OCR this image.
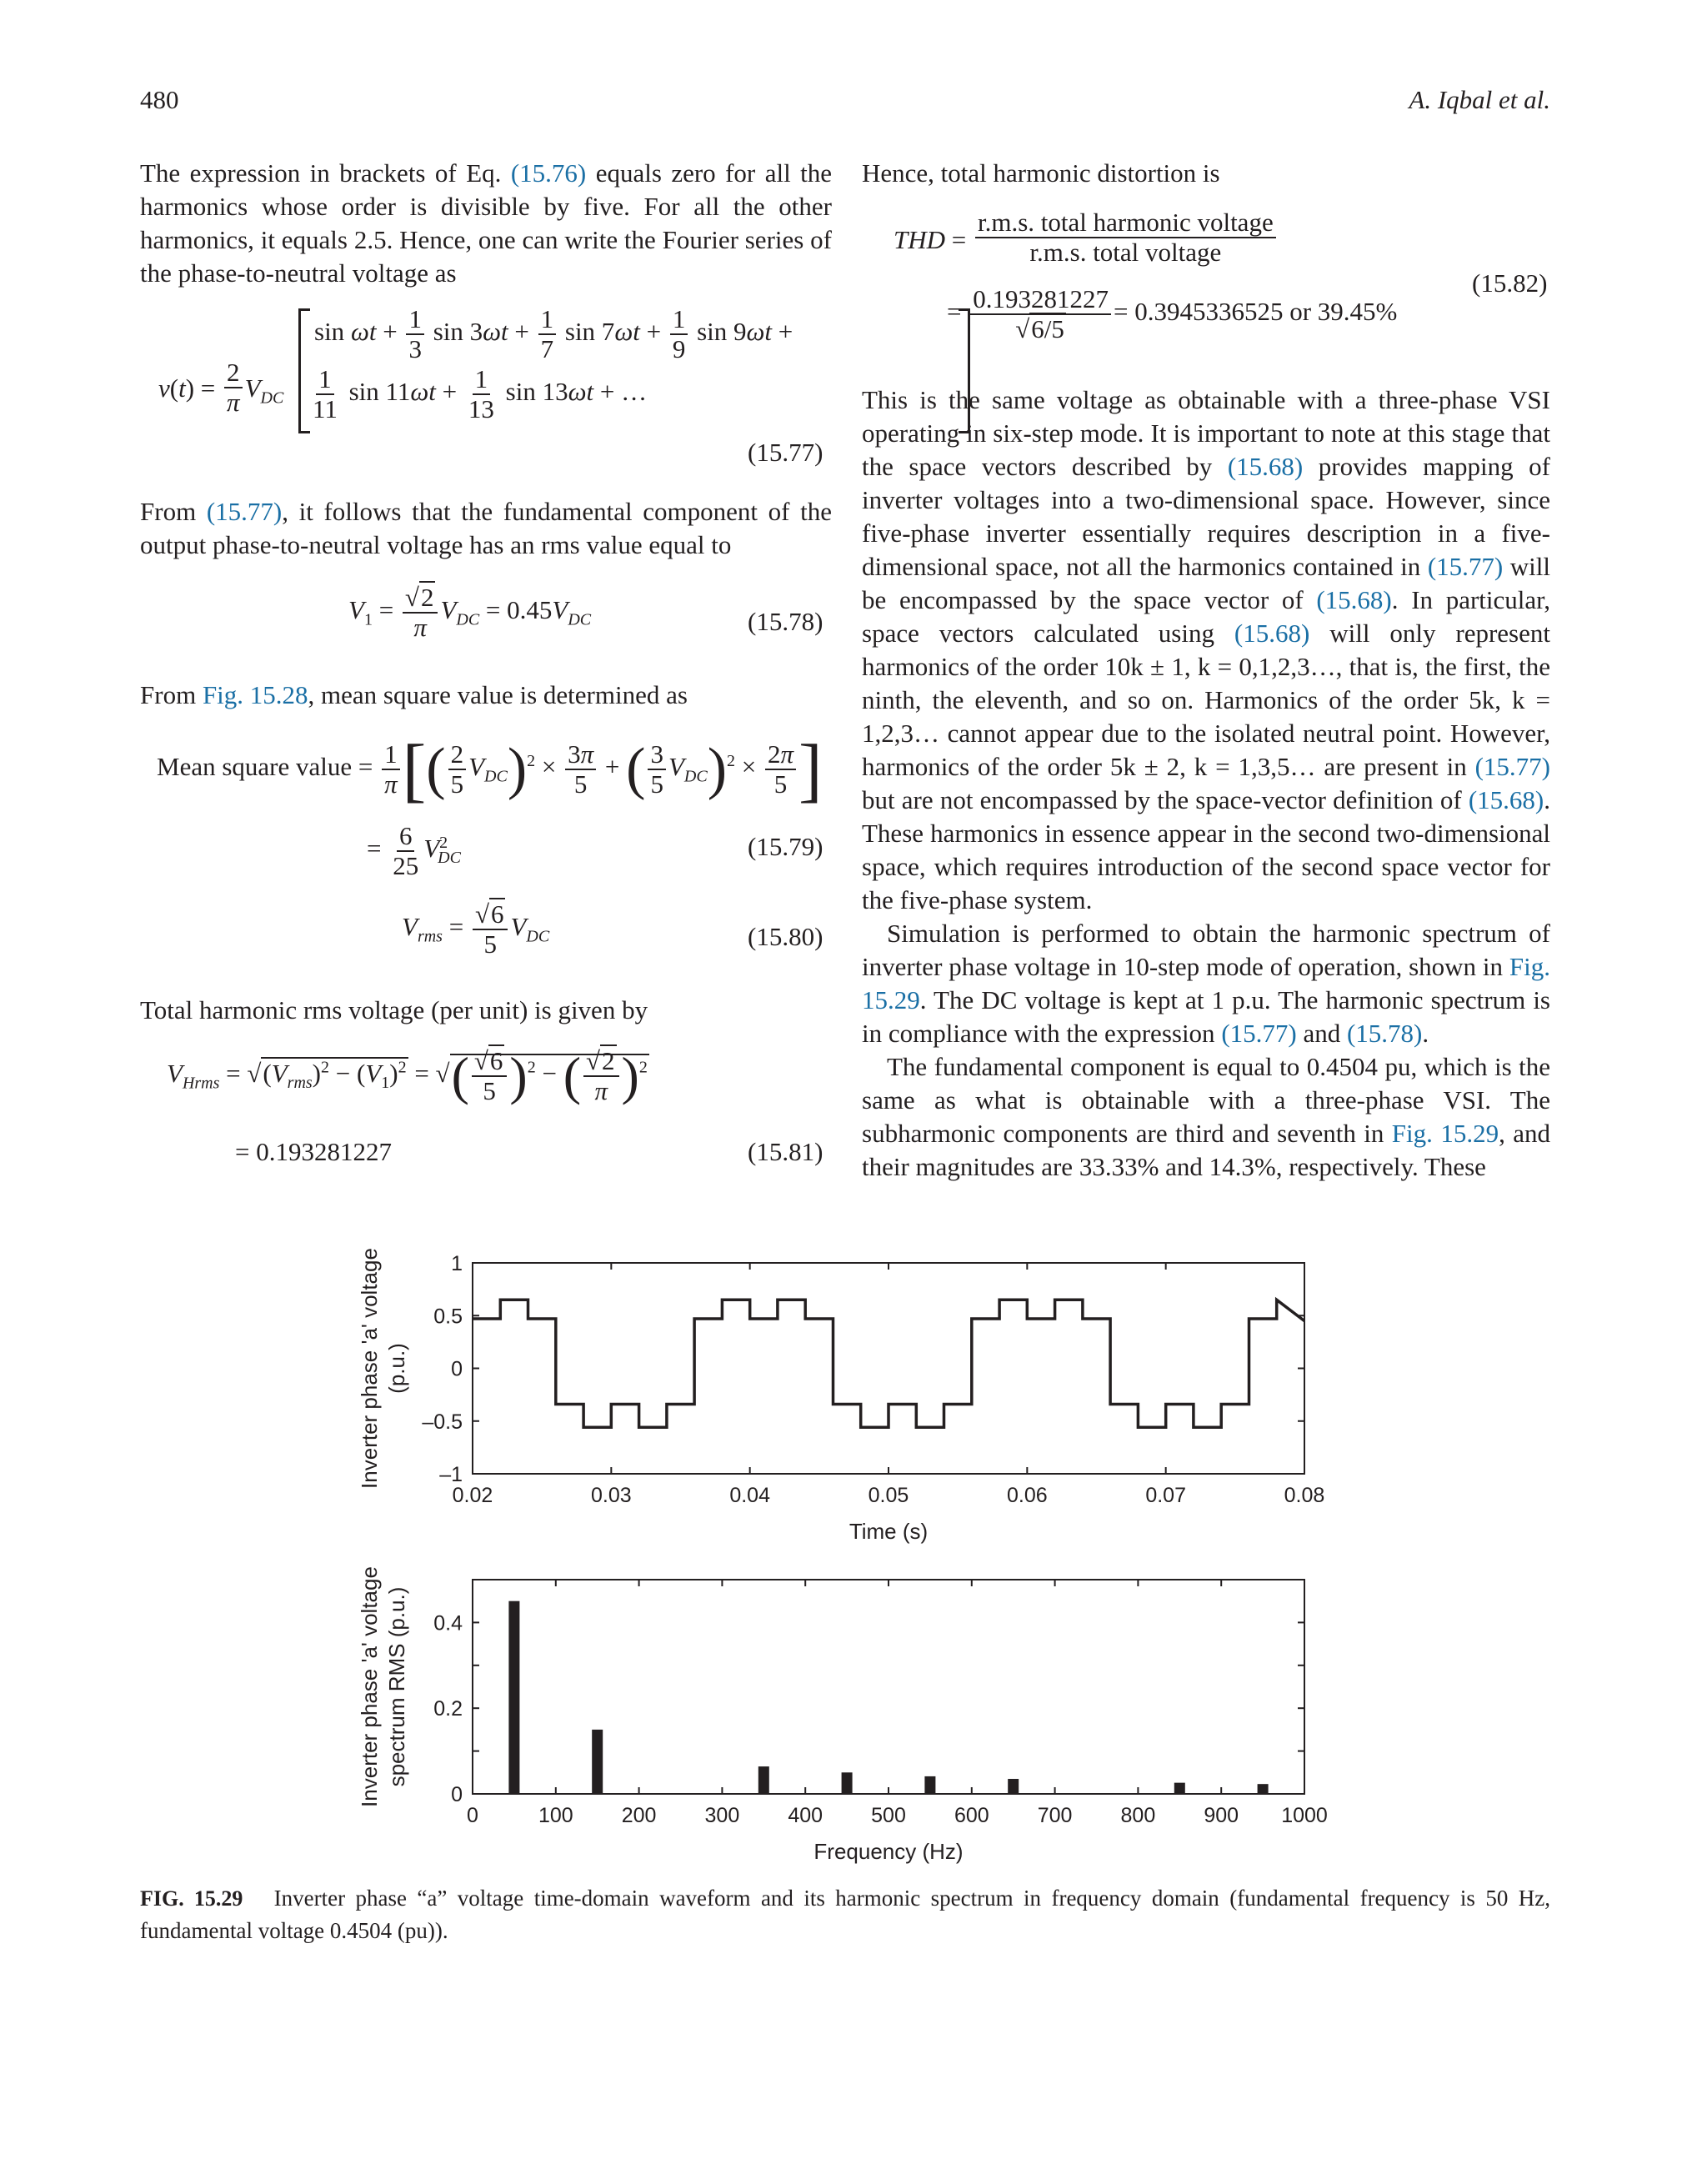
480	A. Iqbal et al.

The expression in brackets of Eq. (15.76) equals zero for all the harmonics whose order is divisible by five. For all the other harmonics, it equals 2.5. Hence, one can write the Fourier series of the phase-to-neutral voltage as

$v(t) = \frac{2}{\pi} V_{DC}$
$\sin \omega t + \frac{1}{3}$ $\sin 3\omega t + \frac{1}{7}$ $\sin 7\omega t + \frac{1}{9}$ sin 9ωt +
$\frac{1}{11}$ $\sin 11\omega t + \frac{1}{13}$ sin 13ωt + …
(15.77)

From (15.77), it follows that the fundamental component of the output phase-to-neutral voltage has an rms value equal to

$V_1 = \frac{√2}{\pi} V_{DC} = 0.45V_{DC}$	(15.78)

From Fig. 15.28, mean square value is determined as

Mean square value = $\frac{1}{\pi}$ [( $\frac{2}{5} V_{DC})^2 \times \frac{3\pi}{5}$ + ( $\frac{3}{5} V_{DC})^2 \times \frac{2\pi}{5}$ ]
= $\frac{6}{25} V^2_{DC}$	(15.79)
$V_{rms} = \frac{√6}{5} V_{DC}$	(15.80)

Total harmonic rms voltage (per unit) is given by

$V_{Hrms} = √(V_{rms})^2 - (V_1)^2$ = √( $\frac{√6}{5} )^2$ − ( $\frac{√2}{\pi} )^2$
= 0.193281227	(15.81)

Hence, total harmonic distortion is

THD = $\frac{\text{r.m.s. total harmonic voltage}}{\text{r.m.s. total voltage}}$
= $\frac{0.193281227}{√6/5} = 0.3945336525$ or 39.45%
(15.82)

This is the same voltage as obtainable with a three-phase VSI operating in six-step mode. It is important to note at this stage that the space vectors described by (15.68) provides mapping of inverter voltages into a two-dimensional space. However, since five-phase inverter essentially requires description in a five-dimensional space, not all the harmonics contained in (15.77) will be encompassed by the space vector of (15.68). In particular, space vectors calculated using (15.68) will only represent harmonics of the order 10k ± 1, k = 0,1,2,3…, that is, the first, the ninth, the eleventh, and so on. Harmonics of the order 5k, k = 1,2,3… cannot appear due to the isolated neutral point. However, harmonics of the order 5k ± 2, k = 1,3,5… are present in (15.77) but are not encompassed by the space-vector definition of (15.68). These harmonics in essence appear in the second two-dimensional space, which requires introduction of the second space vector for the five-phase system.

Simulation is performed to obtain the harmonic spectrum of inverter phase voltage in 10-step mode of operation, shown in Fig. 15.29. The DC voltage is kept at 1 p.u. The harmonic spectrum is in compliance with the expression (15.77) and (15.78).

The fundamental component is equal to 0.4504 pu, which is the same as what is obtainable with a three-phase VSI. The subharmonic components are third and seventh in Fig. 15.29, and their magnitudes are 33.33% and 14.3%, respectively. These

0.02	0.03	0.04	0.05	0.06	0.07	0.08
1
0.5
0
–0.5
–1
Time (s)
Inverter phase 'a' voltage (p.u.)
0	100 200 300 400 500 600 700 800 900 1000
0.4
0.2
0
Frequency (Hz)
Inverter phase 'a' voltage spectrum RMS (p.u.)
FIG. 15.29 Inverter phase “a” voltage time-domain waveform and its harmonic spectrum in frequency domain (fundamental frequency is 50 Hz, fundamental voltage 0.4504 (pu)).
